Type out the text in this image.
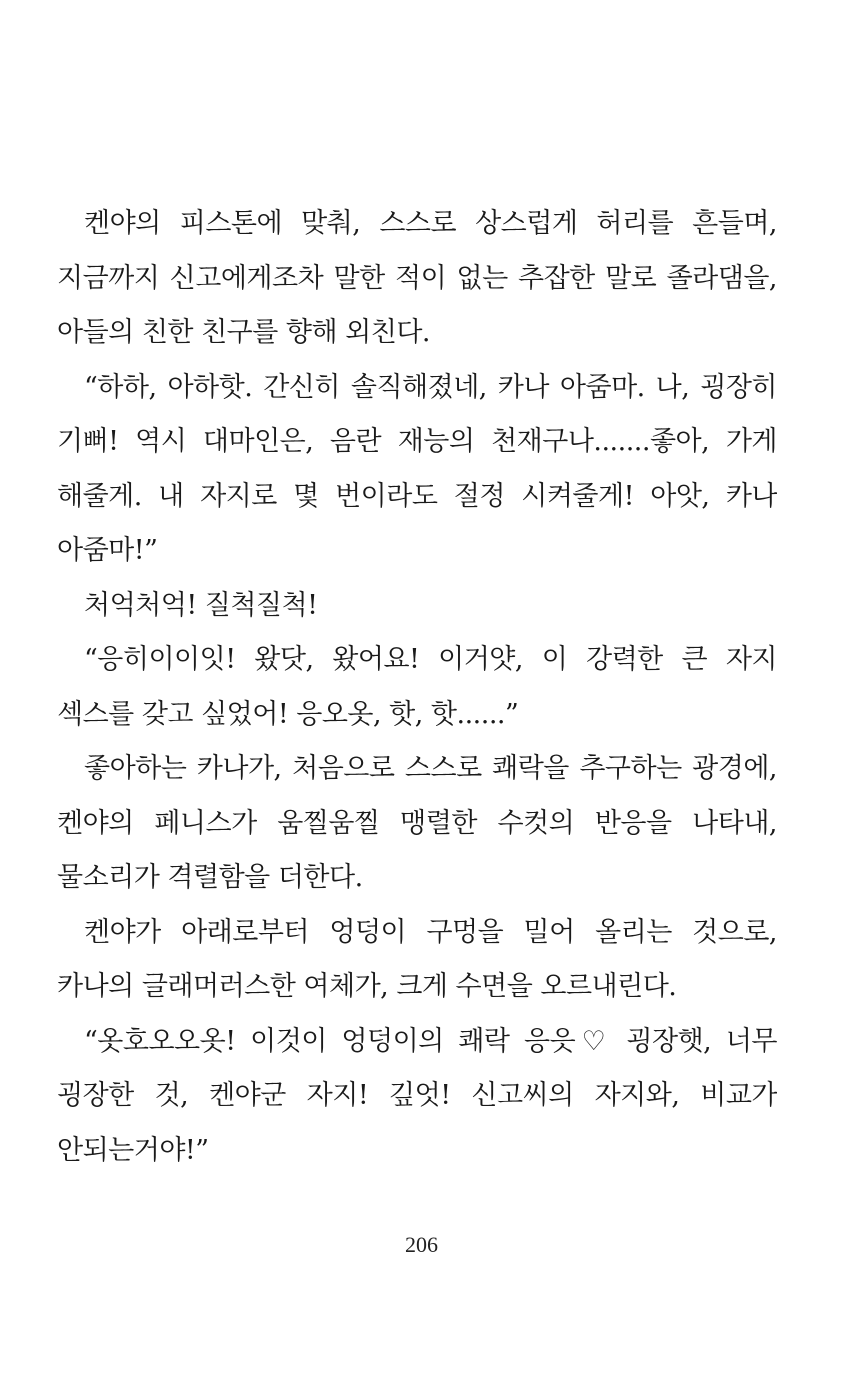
켄야의 피스톤에 맞춰, 스스로 상스럽게 허리를 흔들며,
지금까지 신고에게조차 말한 적이 없는 추잡한 말로 졸라댐을,
아들의 친한 친구를 향해 외친다.
“하하, 아하핫. 간신히 솔직해졌네, 카나 아줌마. 나, 굉장히
기뻐! 역시 대마인은, 음란 재능의 천재구나.......좋아, 가게
해줄게. 내 자지로 몇 번이라도 절정 시켜줄게! 아앗, 카나
아줌마!”
처억처억! 질척질척!
“응히이이잇! 왔닷, 왔어요! 이거얏, 이 강력한 큰 자지
섹스를 갖고 싶었어! 응오옷, 핫, 핫......”
좋아하는 카나가, 처음으로 스스로 쾌락을 추구하는 광경에,
켄야의 페니스가 움찔움찔 맹렬한 수컷의 반응을 나타내,
물소리가 격렬함을 더한다.
켄야가 아래로부터 엉덩이 구멍을 밀어 올리는 것으로,
카나의 글래머러스한 여체가, 크게 수면을 오르내린다.
“옷호오오옷! 이것이 엉덩이의 쾌락 응읏♡ 굉장햇, 너무
굉장한 것, 켄야군 자지! 깊엇! 신고씨의 자지와, 비교가
안되는거야!”
206
